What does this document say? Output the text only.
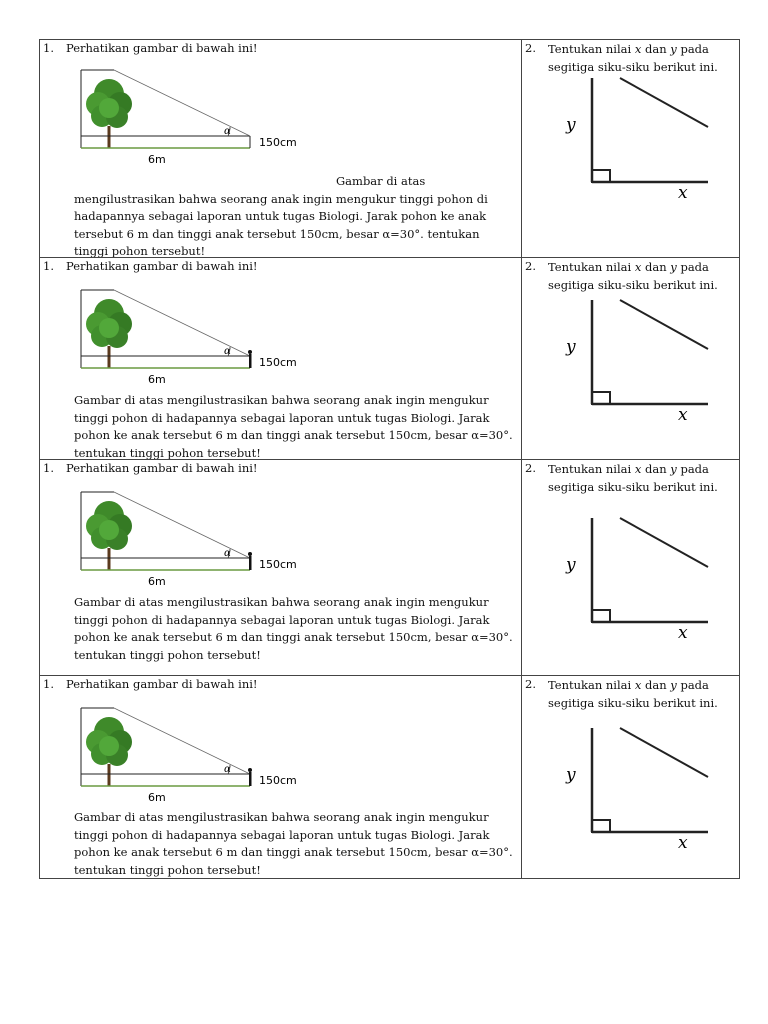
1. Perhatikan gambar di bawah ini!
α
150cm
6m
Gambar di atas mengilustrasikan bahwa seorang anak ingin mengukur tinggi pohon di hadapannya sebagai laporan untuk tugas Biologi. Jarak pohon ke anak tersebut 6 m dan tinggi anak tersebut 150cm, besar α=30°. tentukan tinggi pohon tersebut!
2. Tentukan nilai x dan y pada
segitiga siku-siku berikut ini.
y
x
1. Perhatikan gambar di bawah ini!
α
150cm
6m
Gambar di atas mengilustrasikan bahwa seorang anak ingin mengukur tinggi pohon di hadapannya sebagai laporan untuk tugas Biologi. Jarak pohon ke anak tersebut 6 m dan tinggi anak tersebut 150cm, besar α=30°. tentukan tinggi pohon tersebut!
2. Tentukan nilai x dan y pada
segitiga siku-siku berikut ini.
y
x
1. Perhatikan gambar di bawah ini!
α
150cm
6m
Gambar di atas mengilustrasikan bahwa seorang anak ingin mengukur tinggi pohon di hadapannya sebagai laporan untuk tugas Biologi. Jarak pohon ke anak tersebut 6 m dan tinggi anak tersebut 150cm, besar α=30°. tentukan tinggi pohon tersebut!
2. Tentukan nilai x dan y pada
segitiga siku-siku berikut ini.
y
x
1. Perhatikan gambar di bawah ini!
α
150cm
6m
Gambar di atas mengilustrasikan bahwa seorang anak ingin mengukur tinggi pohon di hadapannya sebagai laporan untuk tugas Biologi. Jarak pohon ke anak tersebut 6 m dan tinggi anak tersebut 150cm, besar α=30°. tentukan tinggi pohon tersebut!
2. Tentukan nilai x dan y pada
segitiga siku-siku berikut ini.
y
x
